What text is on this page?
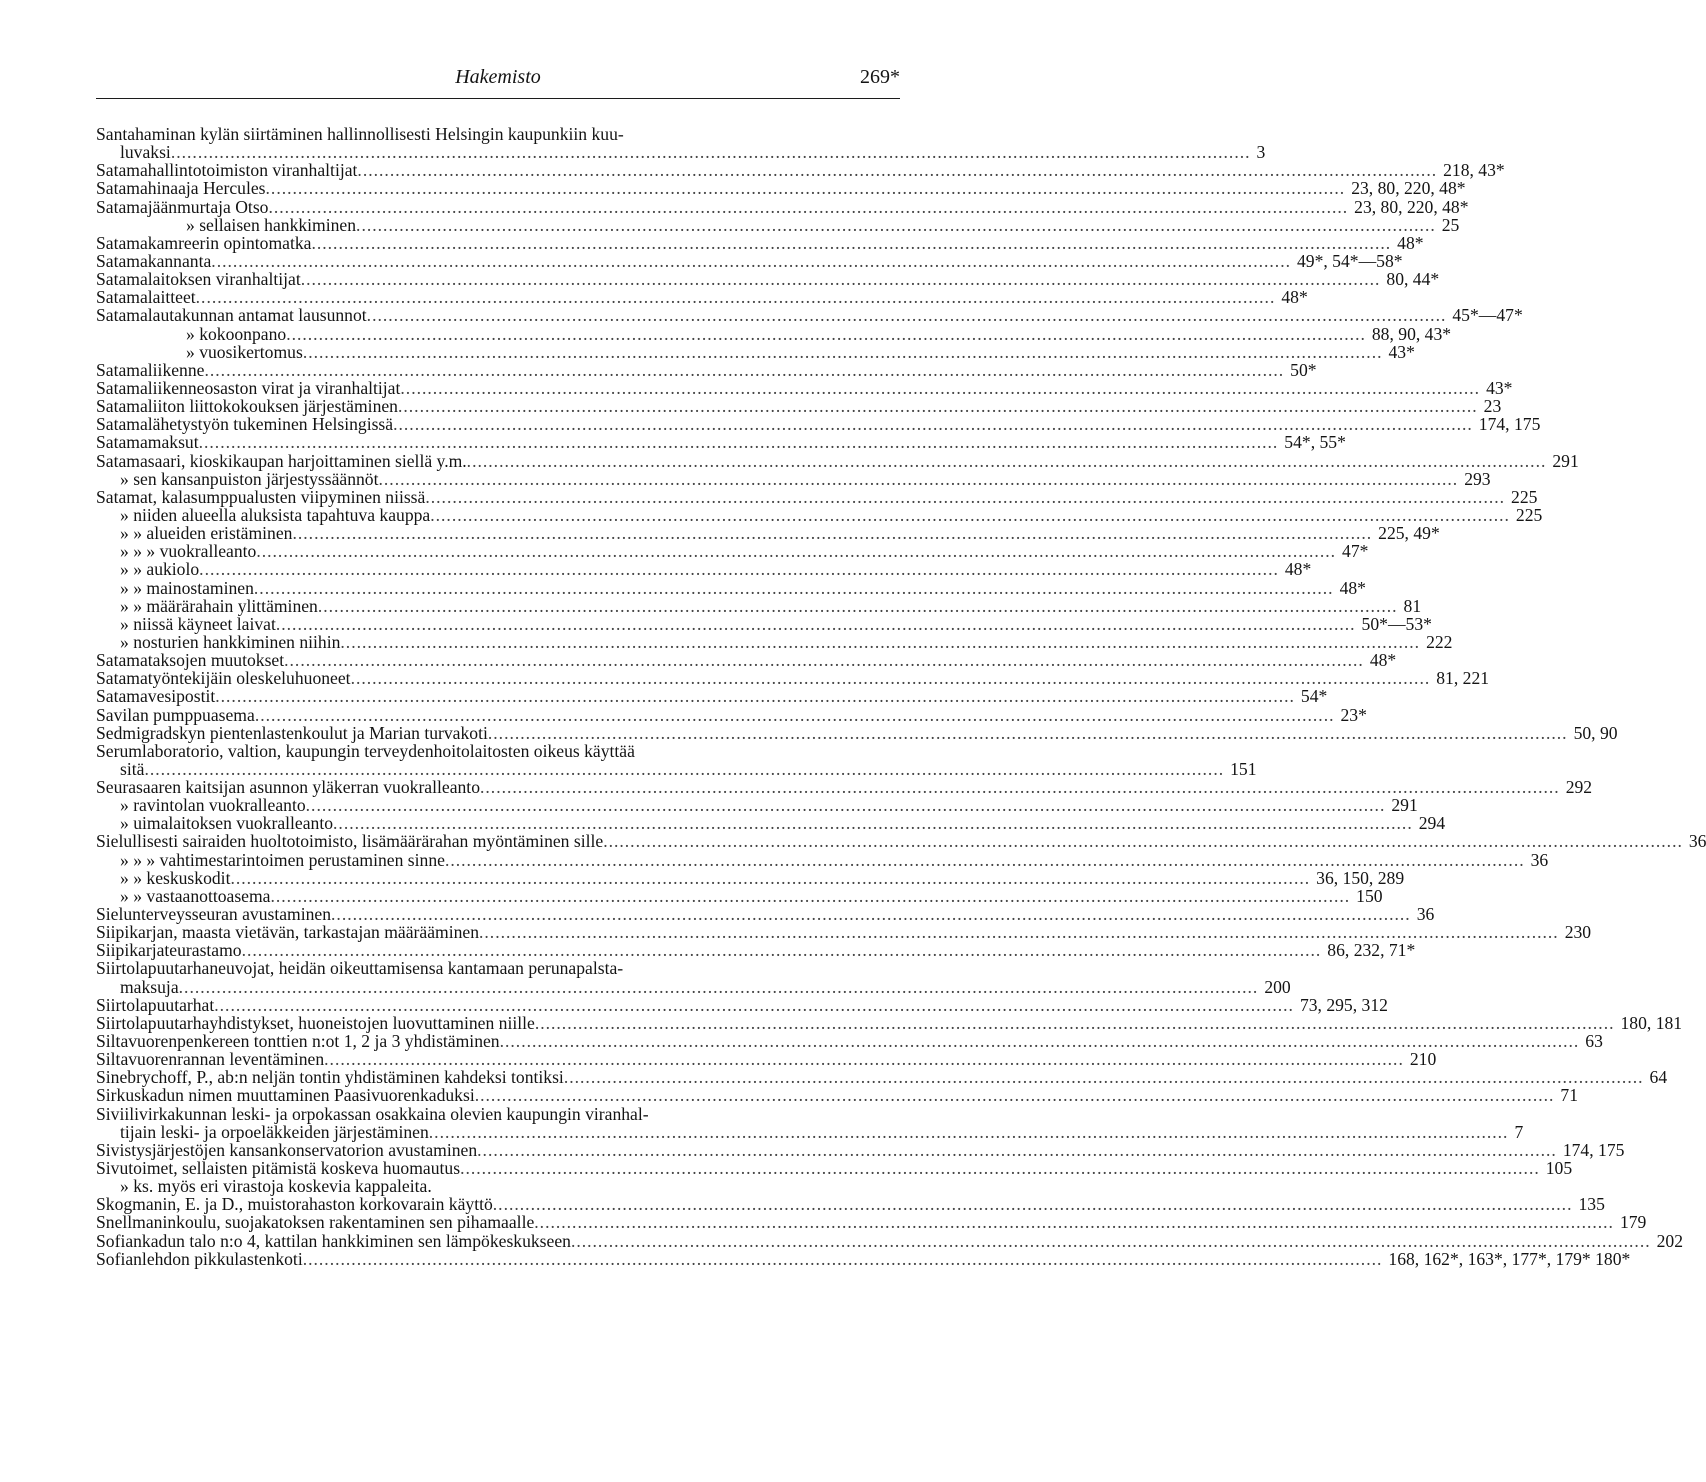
Hakemisto	269*
Santahaminan kylän siirtäminen hallinnollisesti Helsingin kaupunkiin kuu-
luvaksi .....	3
Satamahallintotoimiston viranhaltijat .....	218, 43*
Satamahinaaja Hercules .....	23, 80, 220, 48*
Satamajäänmurtaja Otso .....	23, 80, 220, 48*
» sellaisen hankkiminen .....	25
Satamakamreerin opintomatka .....	48*
Satamakannanta .....	49*, 54*—58*
Satamalaitoksen viranhaltijat .....	80, 44*
Satamalaitteet .....	48*
Satamalautakunnan antamat lausunnot .....	45*—47*
» kokoonpano .....	88, 90, 43*
» vuosikertomus .....	43*
Satamaliikenne .....	50*
Satamaliikenneosaston virat ja viranhaltijat .....	43*
Satamaliiton liittokokouksen järjestäminen .....	23
Satamalähetystyön tukeminen Helsingissä .....	174, 175
Satamamaksut .....	54*, 55*
Satamasaari, kioskikaupan harjoittaminen siellä y.m. .....	291
» sen kansanpuiston järjestyssäännöt .....	293
Satamat, kalasumppualusten viipyminen niissä .....	225
» niiden alueella aluksista tapahtuva kauppa .....	225
» » alueiden eristäminen .....	225, 49*
» » » vuokralleanto .....	47*
» » aukiolo .....	48*
» » mainostaminen .....	48*
» » määrärahain ylittäminen .....	81
» niissä käyneet laivat .....	50*—53*
» nosturien hankkiminen niihin .....	222
Satamataksojen muutokset .....	48*
Satamatyöntekijäin oleskeluhuoneet .....	81, 221
Satamavesipostit .....	54*
Savilan pumppuasema .....	23*
Sedmigradskyn pientenlastenkoulut ja Marian turvakoti .....	50, 90
Serumlaboratorio, valtion, kaupungin terveydenhoitolaitosten oikeus käyttää
sitä .....	151
Seurasaaren kaitsijan asunnon yläkerran vuokralleanto .....	292
» ravintolan vuokralleanto .....	291
» uimalaitoksen vuokralleanto .....	294
Sielullisesti sairaiden huoltotoimisto, lisämäärärahan myöntäminen sille .....	36
» » » vahtimestarintoimen perustaminen sinne .....	36
» » keskuskodit .....	36, 150, 289
» » vastaanottoasema .....	150
Sielunterveysseuran avustaminen .....	36
Siipikarjan, maasta vietävän, tarkastajan määrääminen .....	230
Siipikarjateurastamo .....	86, 232, 71*
Siirtolapuutarhaneuvojat, heidän oikeuttamisensa kantamaan perunapalsta-
maksuja .....	200
Siirtolapuutarhat .....	73, 295, 312
Siirtolapuutarhayhdistykset, huoneistojen luovuttaminen niille .....	180, 181
Siltavuorenpenkereen tonttien n:ot 1, 2 ja 3 yhdistäminen .....	63
Siltavuorenrannan leventäminen .....	210
Sinebrychoff, P., ab:n neljän tontin yhdistäminen kahdeksi tontiksi .....	64
Sirkuskadun nimen muuttaminen Paasivuorenkaduksi .....	71
Siviilivirkakunnan leski- ja orpokassan osakkaina olevien kaupungin viranhal-
tijain leski- ja orpoeläkkeiden järjestäminen .....	7
Sivistysjärjestöjen kansankonservatorion avustaminen .....	174, 175
Sivutoimet, sellaisten pitämistä koskeva huomautus .....	105
» ks. myös eri virastoja koskevia kappaleita.
Skogmanin, E. ja D., muistorahaston korkovarain käyttö .....	135
Snellmaninkoulu, suojakatoksen rakentaminen sen pihamaalle .....	179
Sofiankadun talo n:o 4, kattilan hankkiminen sen lämpökeskukseen .....	202
Sofianlehdon pikkulastenkoti .....	168, 162*, 163*, 177*, 179* 180*
